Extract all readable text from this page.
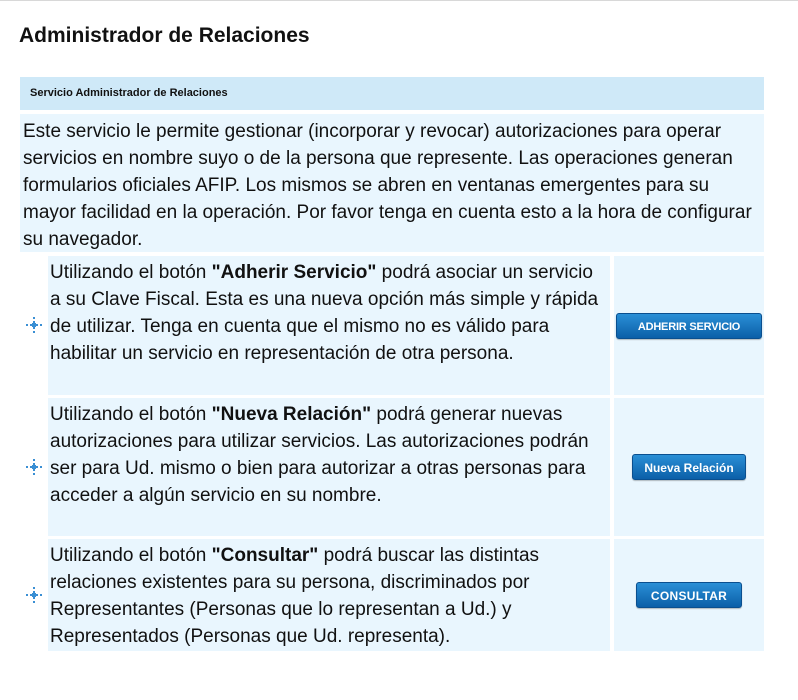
Administrador de Relaciones
Servicio Administrador de Relaciones
Este servicio le permite gestionar (incorporar y revocar) autorizaciones para operar servicios en nombre suyo o de la persona que represente. Las operaciones generan formularios oficiales AFIP. Los mismos se abren en ventanas emergentes para su mayor facilidad en la operación. Por favor tenga en cuenta esto a la hora de configurar su navegador.
Utilizando el botón "Adherir Servicio" podrá asociar un servicio a su Clave Fiscal. Esta es una nueva opción más simple y rápida de utilizar. Tenga en cuenta que el mismo no es válido para habilitar un servicio en representación de otra persona.
ADHERIR SERVICIO
Utilizando el botón "Nueva Relación" podrá generar nuevas autorizaciones para utilizar servicios. Las autorizaciones podrán ser para Ud. mismo o bien para autorizar a otras personas para acceder a algún servicio en su nombre.
Nueva Relación
Utilizando el botón "Consultar" podrá buscar las distintas relaciones existentes para su persona, discriminados por Representantes (Personas que lo representan a Ud.) y Representados (Personas que Ud. representa).
CONSULTAR
